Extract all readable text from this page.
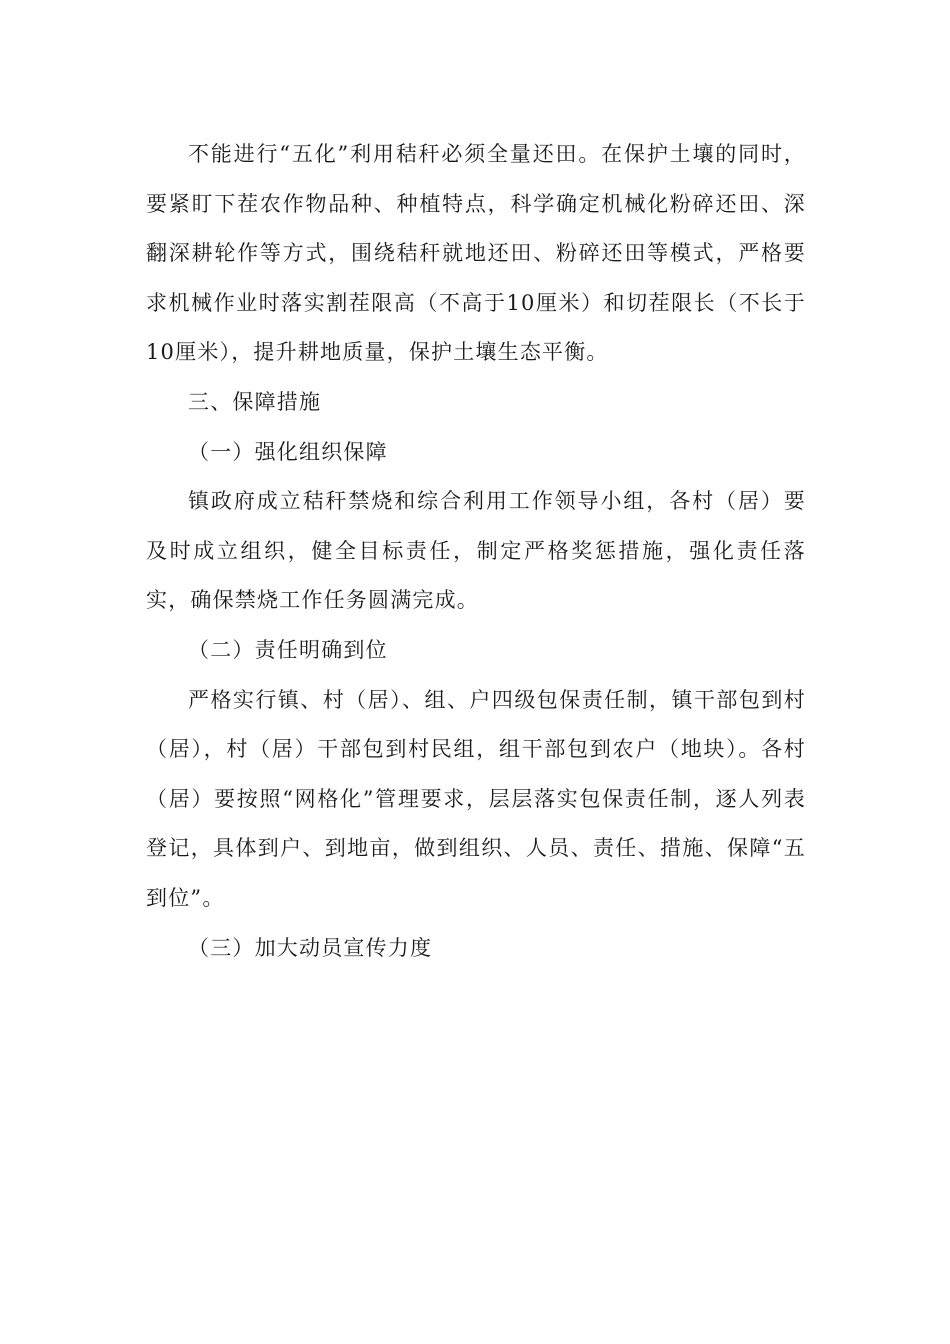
不能进行“五化”利用秸秆必须全量还田。在保护土壤的同时，要紧盯下茬农作物品种、种植特点，科学确定机械化粉碎还田、深翻深耕轮作等方式，围绕秸秆就地还田、粉碎还田等模式，严格要求机械作业时落实割茬限高（不高于10厘米）和切茬限长（不长于10厘米），提升耕地质量，保护土壤生态平衡。

三、保障措施

（一）强化组织保障

镇政府成立秸秆禁烧和综合利用工作领导小组，各村（居）要及时成立组织，健全目标责任，制定严格奖惩措施，强化责任落实，确保禁烧工作任务圆满完成。

（二）责任明确到位

严格实行镇、村（居）、组、户四级包保责任制，镇干部包到村（居），村（居）干部包到村民组，组干部包到农户（地块）。各村（居）要按照“网格化”管理要求，层层落实包保责任制，逐人列表登记，具体到户、到地亩，做到组织、人员、责任、措施、保障“五到位”。

（三）加大动员宣传力度
